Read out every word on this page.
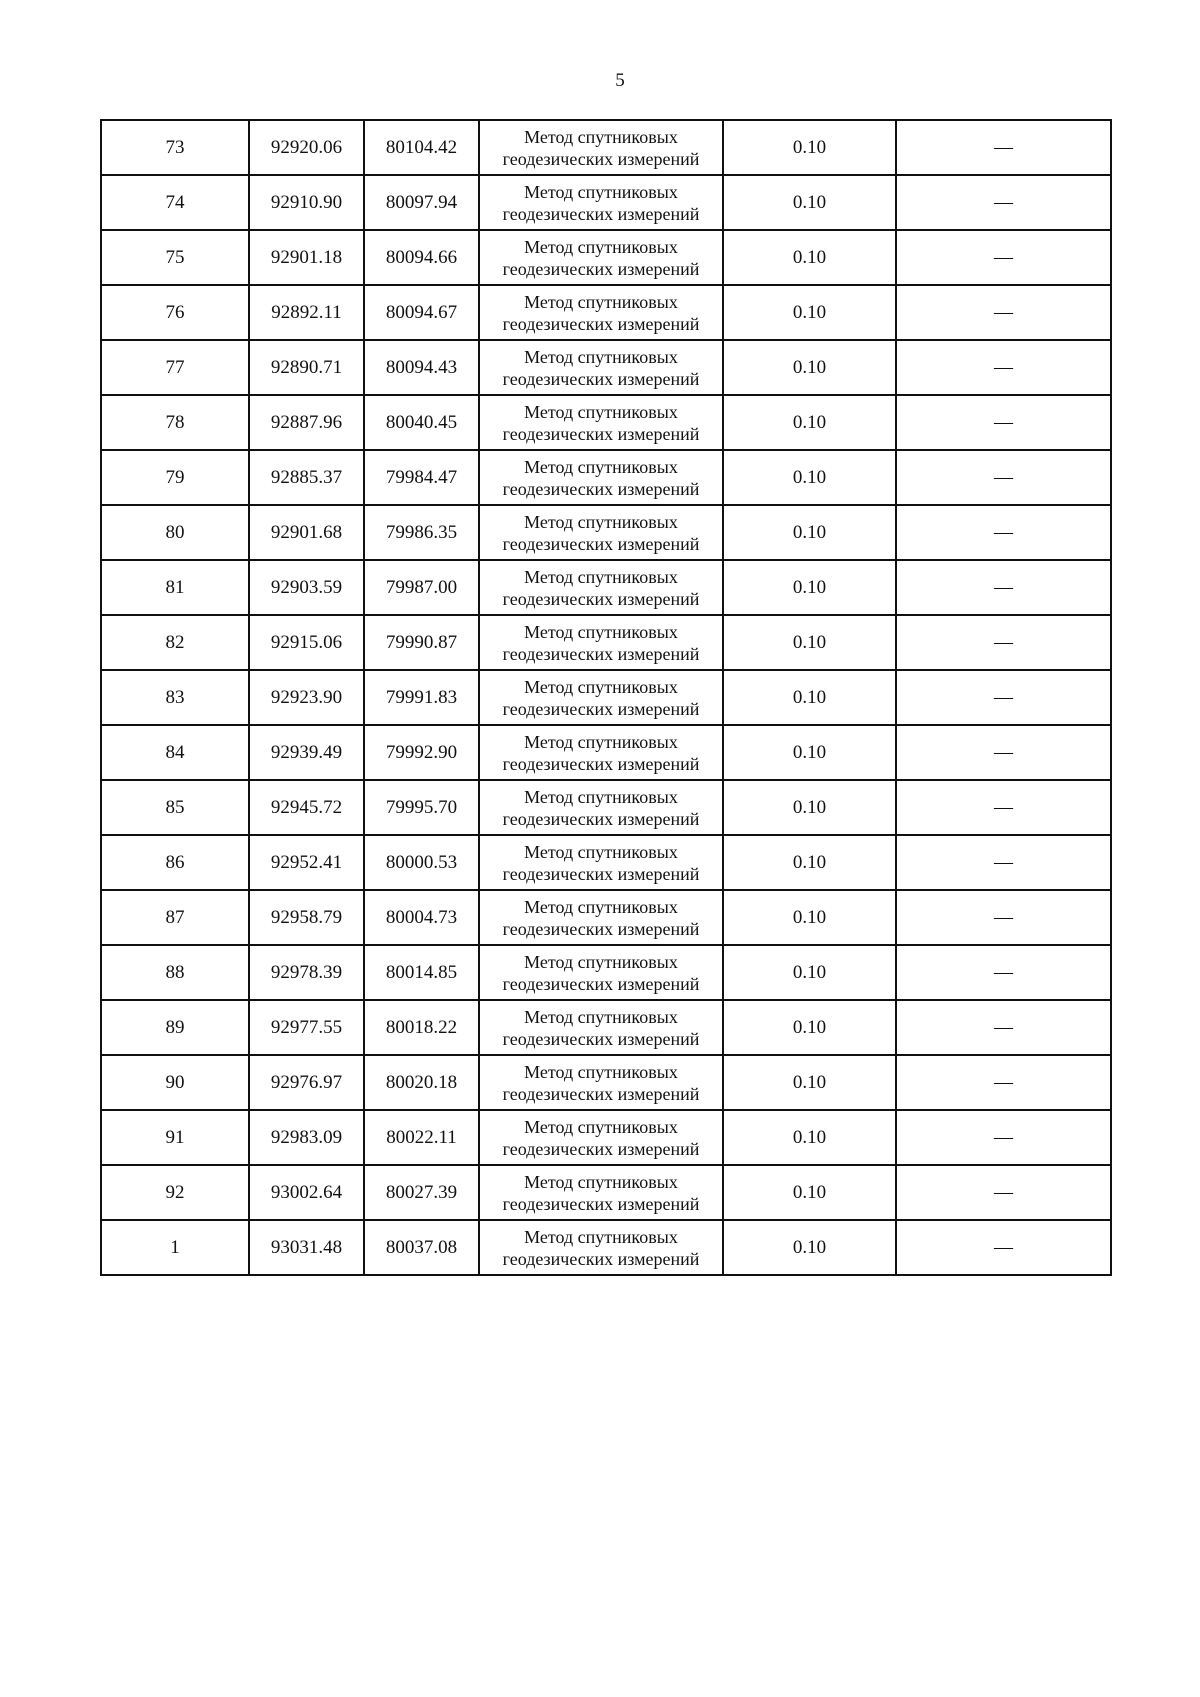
5
73	92920.06	80104.42	Метод спутниковых
геодезических измерений	0.10	—
74	92910.90	80097.94	Метод спутниковых
геодезических измерений	0.10	—
75	92901.18	80094.66	Метод спутниковых
геодезических измерений	0.10	—
76	92892.11	80094.67	Метод спутниковых
геодезических измерений	0.10	—
77	92890.71	80094.43	Метод спутниковых
геодезических измерений	0.10	—
78	92887.96	80040.45	Метод спутниковых
геодезических измерений	0.10	—
79	92885.37	79984.47	Метод спутниковых
геодезических измерений	0.10	—
80	92901.68	79986.35	Метод спутниковых
геодезических измерений	0.10	—
81	92903.59	79987.00	Метод спутниковых
геодезических измерений	0.10	—
82	92915.06	79990.87	Метод спутниковых
геодезических измерений	0.10	—
83	92923.90	79991.83	Метод спутниковых
геодезических измерений	0.10	—
84	92939.49	79992.90	Метод спутниковых
геодезических измерений	0.10	—
85	92945.72	79995.70	Метод спутниковых
геодезических измерений	0.10	—
86	92952.41	80000.53	Метод спутниковых
геодезических измерений	0.10	—
87	92958.79	80004.73	Метод спутниковых
геодезических измерений	0.10	—
88	92978.39	80014.85	Метод спутниковых
геодезических измерений	0.10	—
89	92977.55	80018.22	Метод спутниковых
геодезических измерений	0.10	—
90	92976.97	80020.18	Метод спутниковых
геодезических измерений	0.10	—
91	92983.09	80022.11	Метод спутниковых
геодезических измерений	0.10	—
92	93002.64	80027.39	Метод спутниковых
геодезических измерений	0.10	—
1	93031.48	80037.08	Метод спутниковых
геодезических измерений	0.10	—
